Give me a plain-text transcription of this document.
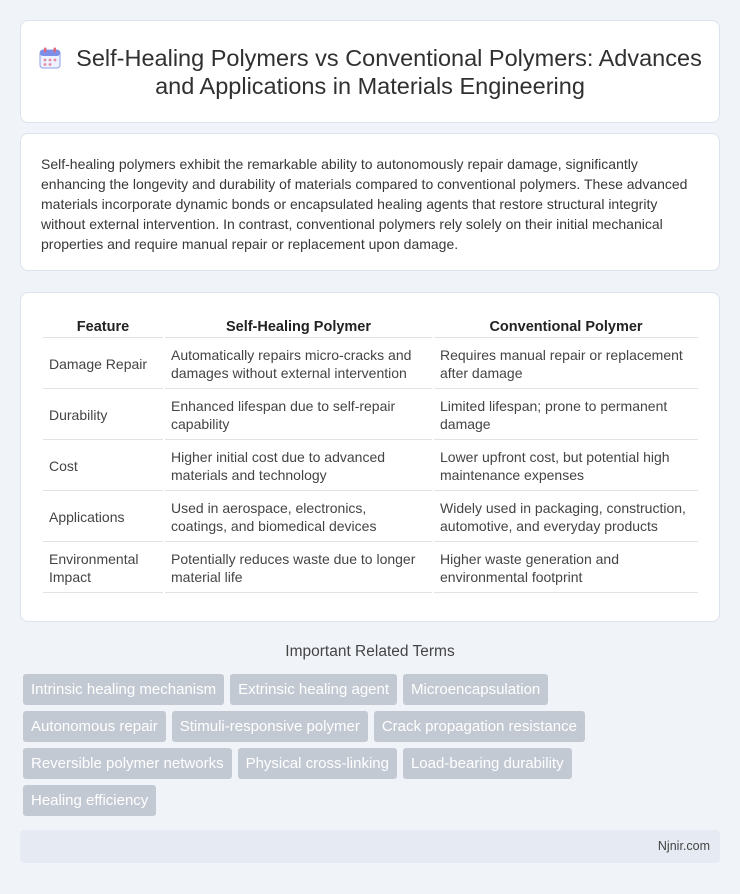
Self-Healing Polymers vs Conventional Polymers: Advances and Applications in Materials Engineering

Self-healing polymers exhibit the remarkable ability to autonomously repair damage, significantly enhancing the longevity and durability of materials compared to conventional polymers. These advanced materials incorporate dynamic bonds or encapsulated healing agents that restore structural integrity without external intervention. In contrast, conventional polymers rely solely on their initial mechanical properties and require manual repair or replacement upon damage.

Feature	Self-Healing Polymer	Conventional Polymer
Damage Repair	Automatically repairs micro-cracks and damages without external intervention	Requires manual repair or replacement after damage
Durability	Enhanced lifespan due to self-repair capability	Limited lifespan; prone to permanent damage
Cost	Higher initial cost due to advanced materials and technology	Lower upfront cost, but potential high maintenance expenses
Applications	Used in aerospace, electronics, coatings, and biomedical devices	Widely used in packaging, construction, automotive, and everyday products
Environmental Impact	Potentially reduces waste due to longer material life	Higher waste generation and environmental footprint
Important Related Terms
Intrinsic healing mechanism	Extrinsic healing agent	Microencapsulation
Autonomous repair	Stimuli-responsive polymer	Crack propagation resistance
Reversible polymer networks	Physical cross-linking	Load-bearing durability
Healing efficiency
Njnir.com
